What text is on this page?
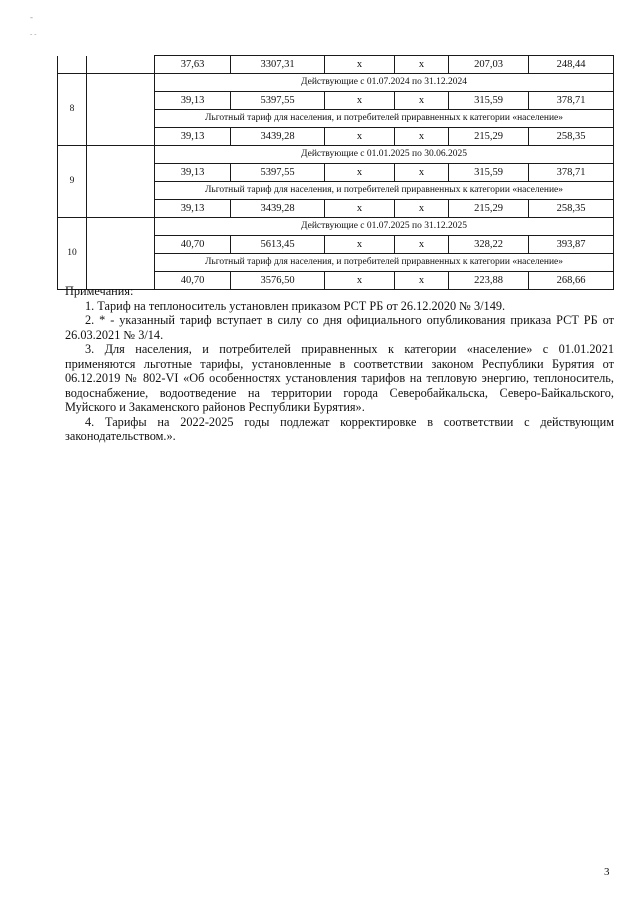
-
- -
		37,63	3307,31	x	x	207,03	248,44
8		Действующие с 01.07.2024 по 31.12.2024					
		39,13	5397,55	x	x	315,59	378,71
		Льготный тариф для населения, и потребителей приравненных к категории «население»					
		39,13	3439,28	x	x	215,29	258,35
9		Действующие с 01.01.2025 по 30.06.2025					
		39,13	5397,55	x	x	315,59	378,71
		Льготный тариф для населения, и потребителей приравненных к категории «население»					
		39,13	3439,28	x	x	215,29	258,35
10		Действующие с 01.07.2025 по 31.12.2025					
		40,70	5613,45	x	x	328,22	393,87
		Льготный тариф для населения, и потребителей приравненных к категории «население»					
		40,70	3576,50	x	x	223,88	268,66
Примечания:

1. Тариф на теплоноситель установлен приказом РСТ РБ от 26.12.2020 № 3/149.

2. * - указанный тариф вступает в силу со дня официального опубликования приказа РСТ РБ от 26.03.2021 № 3/14.

3. Для населения, и потребителей приравненных к категории «население» с 01.01.2021 применяются льготные тарифы, установленные в соответствии законом Республики Бурятия от 06.12.2019 № 802-VI «Об особенностях установления тарифов на тепловую энергию, теплоноситель, водоснабжение, водоотведение на территории города Северобайкальска, Северо-Байкальского, Муйского и Закаменского районов Республики Бурятия».

4. Тарифы на 2022-2025 годы подлежат корректировке в соответствии с действующим законодательством.».

3
